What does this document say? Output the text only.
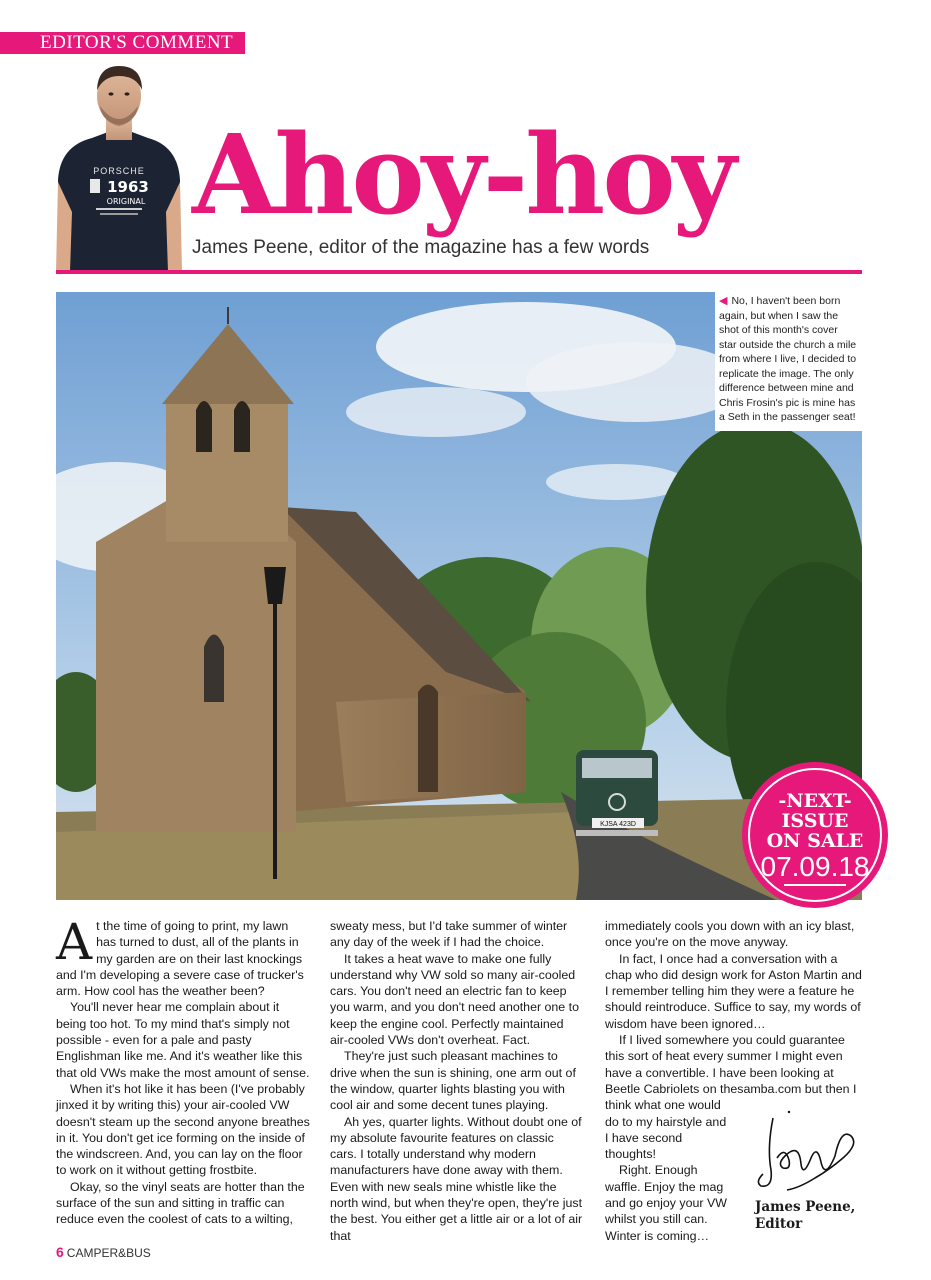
EDITOR'S COMMENT
PORSCHE
1963
ORIGINAL Ahoy-hoy
James Peene, editor of the magazine has a few words
KJSA 423D
◀ No, I haven't been born again, but when I saw the shot of this month's cover star outside the church a mile from where I live, I decided to replicate the image. The only difference between mine and Chris Frosin's pic is mine has a Seth in the passenger seat!
-NEXT-
ISSUE
ON SALE
07.09.18

At the time of going to print, my lawn has turned to dust, all of the plants in my garden are on their last knockings and I'm developing a severe case of trucker's arm. How cool has the weather been?

You'll never hear me complain about it being too hot. To my mind that's simply not possible - even for a pale and pasty Englishman like me. And it's weather like this that old VWs make the most amount of sense.

When it's hot like it has been (I've probably jinxed it by writing this) your air-cooled VW doesn't steam up the second anyone breathes in it. You don't get ice forming on the inside of the windscreen. And, you can lay on the floor to work on it without getting frostbite.

Okay, so the vinyl seats are hotter than the surface of the sun and sitting in traffic can reduce even the coolest of cats to a wilting,

sweaty mess, but I'd take summer of winter any day of the week if I had the choice.

It takes a heat wave to make one fully understand why VW sold so many air-cooled cars. You don't need an electric fan to keep you warm, and you don't need another one to keep the engine cool. Perfectly maintained air-cooled VWs don't overheat. Fact.

They're just such pleasant machines to drive when the sun is shining, one arm out of the window, quarter lights blasting you with cool air and some decent tunes playing.

Ah yes, quarter lights. Without doubt one of my absolute favourite features on classic cars. I totally understand why modern manufacturers have done away with them. Even with new seals mine whistle like the north wind, but when they're open, they're just the best. You either get a little air or a lot of air that

immediately cools you down with an icy blast, once you're on the move anyway.

In fact, I once had a conversation with a chap who did design work for Aston Martin and I remember telling him they were a feature he should reintroduce. Suffice to say, my words of wisdom have been ignored…

If I lived somewhere you could guarantee this sort of heat every summer I might even have a convertible. I have been looking at Beetle Cabriolets on thesamba.com but then I

think what one would do to my hairstyle and I have second thoughts!

Right. Enough waffle. Enjoy the mag and go enjoy your VW whilst you still can. Winter is coming…

James Peene,
Editor
6 CAMPER&BUS
